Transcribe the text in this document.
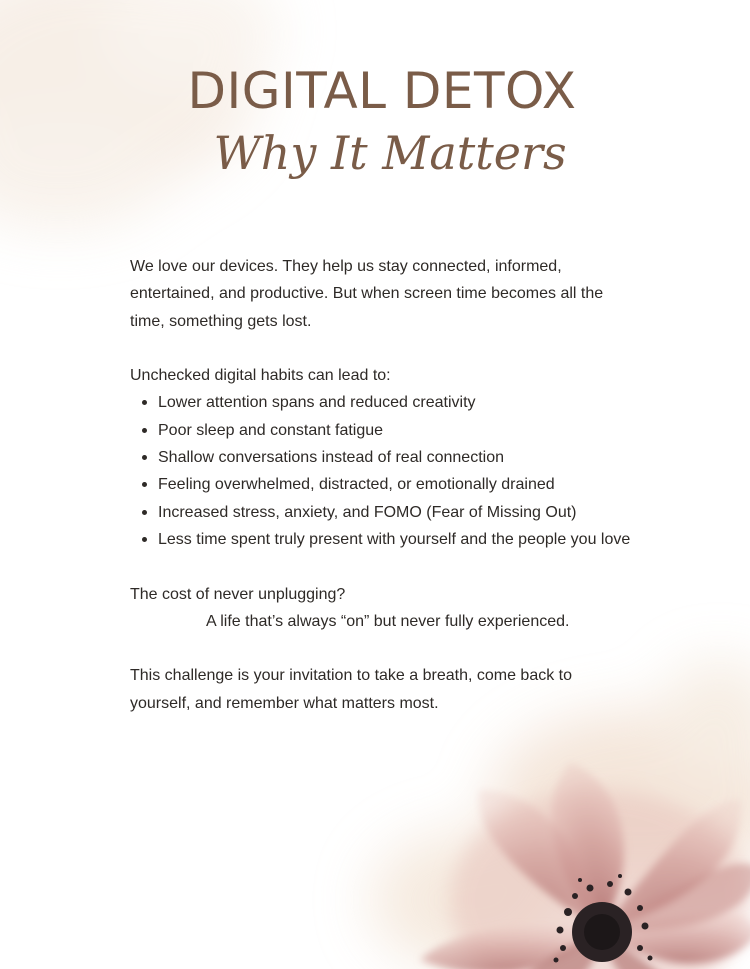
DIGITAL DETOX
Why It Matters

We love our devices. They help us stay connected, informed,

entertained, and productive. But when screen time becomes all the

time, something gets lost.

Unchecked digital habits can lead to:

Lower attention spans and reduced creativity
Poor sleep and constant fatigue
Shallow conversations instead of real connection
Feeling overwhelmed, distracted, or emotionally drained
Increased stress, anxiety, and FOMO (Fear of Missing Out)
Less time spent truly present with yourself and the people you love

The cost of never unplugging?

A life that’s always “on” but never fully experienced.

This challenge is your invitation to take a breath, come back to

yourself, and remember what matters most.
